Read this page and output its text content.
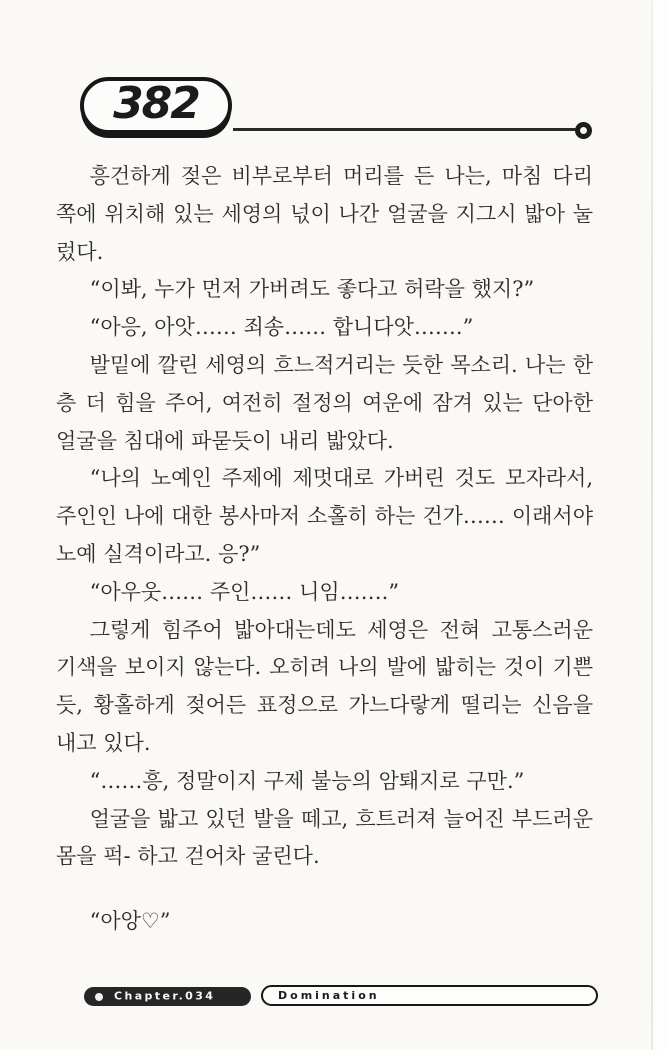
382

흥건하게 젖은 비부로부터 머리를 든 나는, 마침 다리 쪽에 위치해 있는 세영의 넋이 나간 얼굴을 지그시 밟아 눌렀다.

“이봐, 누가 먼저 가버려도 좋다고 허락을 했지?”

“아응, 아앗…… 죄송…… 합니다앗…….”

발밑에 깔린 세영의 흐느적거리는 듯한 목소리. 나는 한층 더 힘을 주어, 여전히 절정의 여운에 잠겨 있는 단아한 얼굴을 침대에 파묻듯이 내리 밟았다.

“나의 노예인 주제에 제멋대로 가버린 것도 모자라서, 주인인 나에 대한 봉사마저 소홀히 하는 건가…… 이래서야 노예 실격이라고. 응?”

“아우웃…… 주인…… 니임…….”

그렇게 힘주어 밟아대는데도 세영은 전혀 고통스러운 기색을 보이지 않는다. 오히려 나의 발에 밟히는 것이 기쁜 듯, 황홀하게 젖어든 표정으로 가느다랗게 떨리는 신음을 내고 있다.

“……흥, 정말이지 구제 불능의 암퇘지로 구만.”

얼굴을 밟고 있던 발을 떼고, 흐트러져 늘어진 부드러운 몸을 퍽- 하고 걷어차 굴린다.

“아앙♡”

Chapter.034	Domination
